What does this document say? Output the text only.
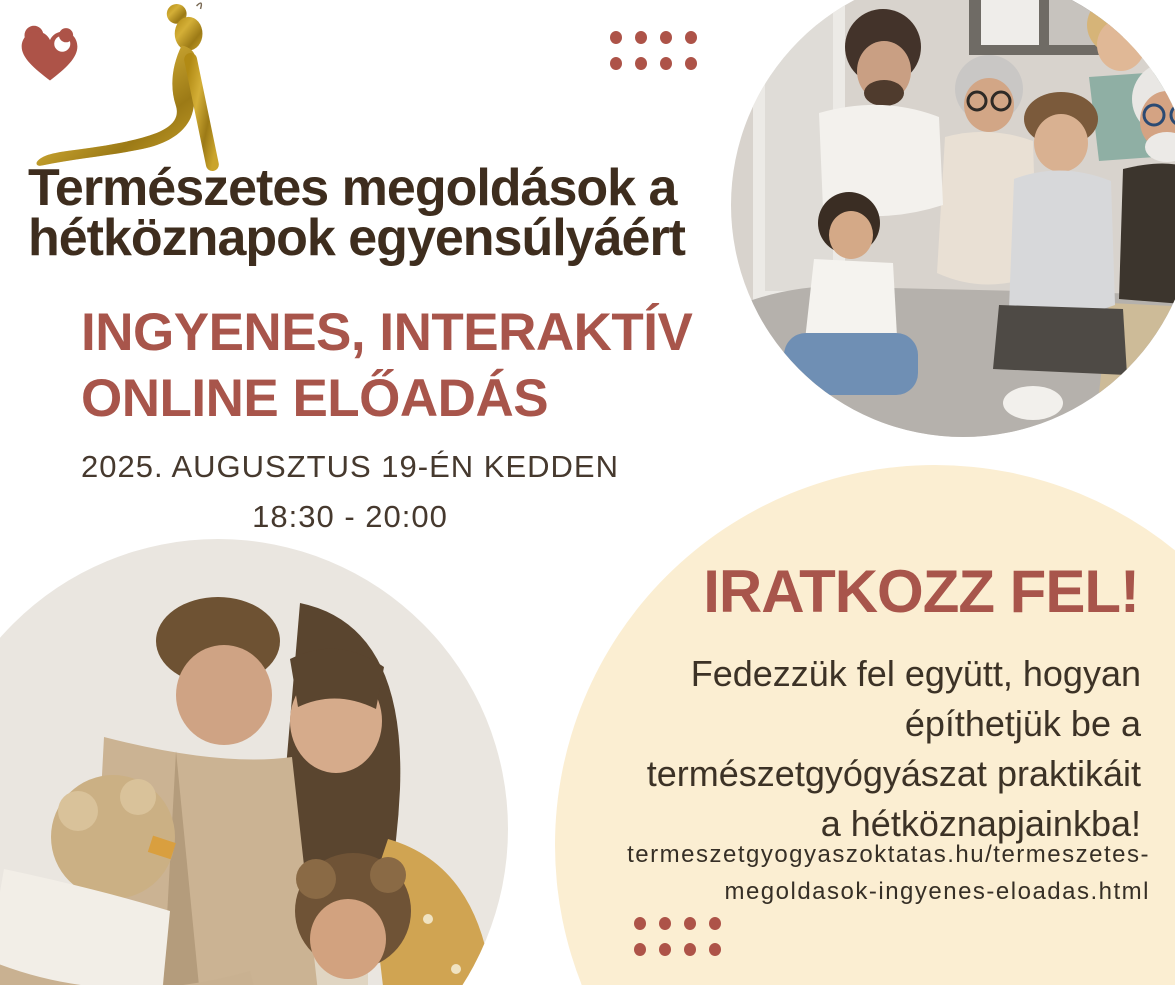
Természetes megoldások a
hétköznapok egyensúlyáért
INGYENES, INTERAKTÍV
ONLINE ELŐADÁS
2025. AUGUSZTUS 19-ÉN KEDDEN
18:30 - 20:00
IRATKOZZ FEL!
Fedezzük fel együtt, hogyan
építhetjük be a
természetgyógyászat praktikáit
a hétköznapjainkba!
termeszetgyogyaszoktatas.hu/termeszetes-
megoldasok-ingyenes-eloadas.html
